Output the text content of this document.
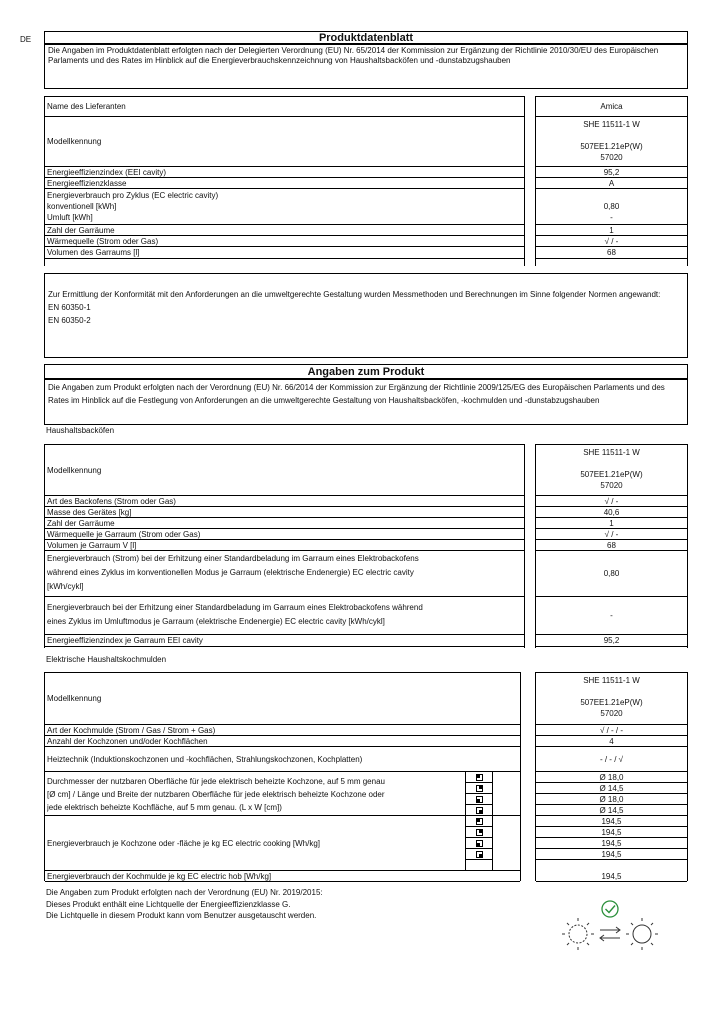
DE	Produktdatenblatt
Die Angaben im Produktdatenblatt erfolgten nach der Delegierten Verordnung (EU) Nr. 65/2014 der Kommission zur Ergänzung der Richtlinie 2010/30/EU des Europäischen Parlaments und des Rates im Hinblick auf die Energieverbrauchskennzeichnung von Haushaltsbacköfen und -dunstabzugshauben
Name des Lieferanten
Modellkennung
Energieeffizienzindex (EEI cavity)
Energieeffizienzklasse
Energieverbrauch pro Zyklus (EC electric cavity)
konventionell [kWh]
Umluft [kWh]
Zahl der Garräume
Wärmequelle (Strom oder Gas)
Volumen des Garraums [l]
Amica
SHE 11511-1 W
507EE1.21eP(W)
57020
95,2
A
0,80
-
1
√ / -
68
Zur Ermittlung der Konformität mit den Anforderungen an die umweltgerechte Gestaltung wurden Messmethoden und Berechnungen im Sinne folgender Normen angewandt:
EN 60350-1
EN 60350-2
Angaben zum Produkt
Die Angaben zum Produkt erfolgten nach der Verordnung (EU) Nr. 66/2014 der Kommission zur Ergänzung der Richtlinie 2009/125/EG des Europäischen Parlaments und des Rates im Hinblick auf die Festlegung von Anforderungen an die umweltgerechte Gestaltung von Haushaltsbacköfen, -kochmulden und -dunstabzugshauben
Haushaltsbacköfen
Modellkennung
Art des Backofens (Strom oder Gas)
Masse des Gerätes [kg]
Zahl der Garräume
Wärmequelle je Garraum (Strom oder Gas)
Volumen je Garraum V [l]
Energieverbrauch (Strom) bei der Erhitzung einer Standardbeladung im Garraum eines Elektrobackofens
während eines Zyklus im konventionellen Modus je Garraum (elektrische Endenergie) EC electric cavity
[kWh/cykl]
Energieverbrauch bei der Erhitzung einer Standardbeladung im Garraum eines Elektrobackofens während
eines Zyklus im Umluftmodus je Garraum (elektrische Endenergie) EC electric cavity [kWh/cykl]
Energieeffizienzindex je Garraum EEI cavity
SHE 11511-1 W
507EE1.21eP(W)
57020
√ / -
40,6
1
√ / -
68
0,80
-
95,2
Elektrische Haushaltskochmulden
Modellkennung
Art der Kochmulde (Strom / Gas / Strom + Gas)
Anzahl der Kochzonen und/oder Kochflächen
Heiztechnik (Induktionskochzonen und -kochflächen, Strahlungskochzonen, Kochplatten)
Durchmesser der nutzbaren Oberfläche für jede elektrisch beheizte Kochzone, auf 5 mm genau
[Ø cm] / Länge und Breite der nutzbaren Oberfläche für jede elektrisch beheizte Kochzone oder
jede elektrisch beheizte Kochfläche, auf 5 mm genau. (L x W [cm])
Energieverbrauch je Kochzone oder -fläche je kg EC electric cooking [Wh/kg]
Energieverbrauch der Kochmulde je kg EC electric hob [Wh/kg]
SHE 11511-1 W
507EE1.21eP(W)
57020
√ / - / -
4
- / - / √
Ø 18,0
Ø 14,5
Ø 18,0
Ø 14,5
194,5
194,5
194,5
194,5
194,5
Die Angaben zum Produkt erfolgten nach der Verordnung (EU) Nr. 2019/2015:
Dieses Produkt enthält eine Lichtquelle der Energieeffizienzklasse G.
Die Lichtquelle in diesem Produkt kann vom Benutzer ausgetauscht werden.
